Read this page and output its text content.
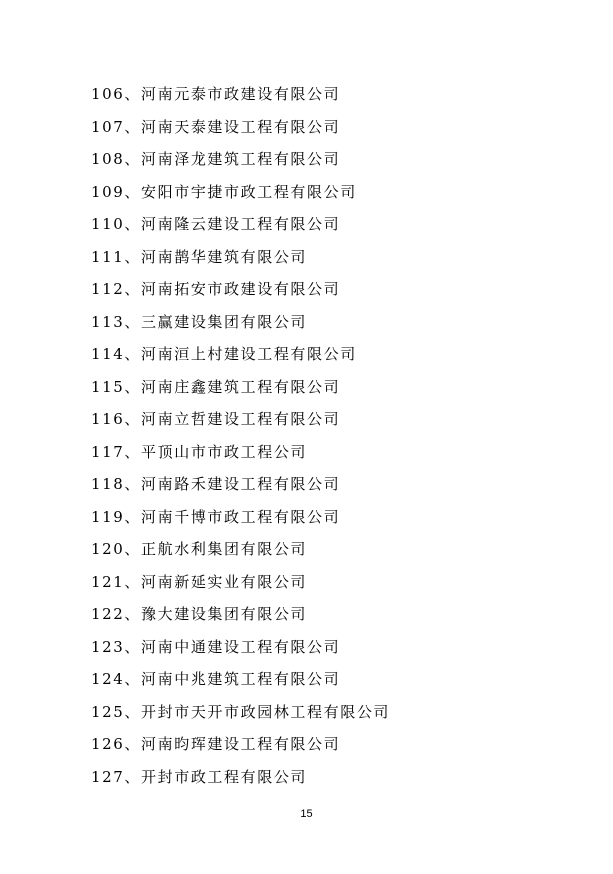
106、河南元泰市政建设有限公司
107、河南天泰建设工程有限公司
108、河南泽龙建筑工程有限公司
109、安阳市宇捷市政工程有限公司
110、河南隆云建设工程有限公司
111、河南鹊华建筑有限公司
112、河南拓安市政建设有限公司
113、三赢建设集团有限公司
114、河南洹上村建设工程有限公司
115、河南庄鑫建筑工程有限公司
116、河南立哲建设工程有限公司
117、平顶山市市政工程公司
118、河南路禾建设工程有限公司
119、河南千博市政工程有限公司
120、正航水利集团有限公司
121、河南新延实业有限公司
122、豫大建设集团有限公司
123、河南中通建设工程有限公司
124、河南中兆建筑工程有限公司
125、开封市天开市政园林工程有限公司
126、河南昀珲建设工程有限公司
127、开封市政工程有限公司
15
